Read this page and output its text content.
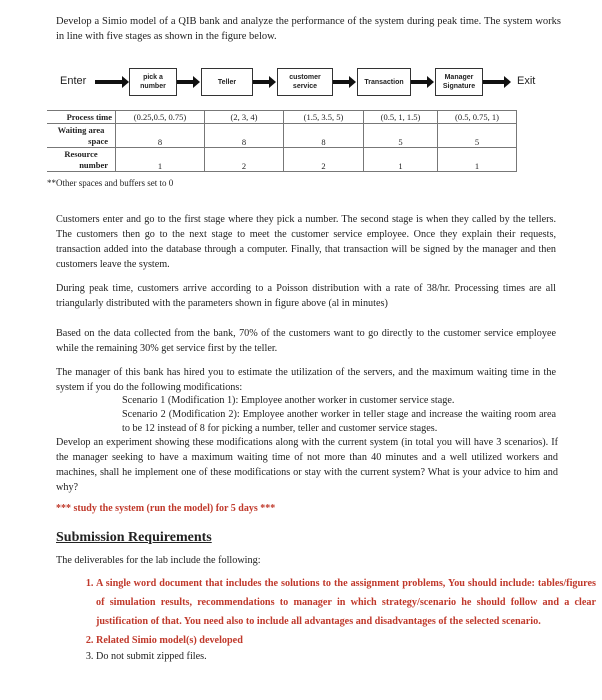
Develop a Simio model of a QIB bank and analyze the performance of the system during peak time. The system works in line with five stages as shown in the figure below.

Enter	pick a number
Teller
customer service
Transaction
Manager Signature	Exit
Process time	(0.25,0.5, 0.75)	(2, 3, 4)	(1.5, 3.5, 5)	(0.5, 1, 1.5)	(0.5, 0.75, 1)

Waiting area
space	8	8	8	5	5

Resource
number	1	2	2	1	1
**Other spaces and buffers set to 0

Customers enter and go to the first stage where they pick a number. The second stage is when they called by the tellers. The customers then go to the next stage to meet the customer service employee. Once they explain their requests, transaction added into the database through a computer. Finally, that transaction will be signed by the manager and then customers leave the system.

During peak time, customers arrive according to a Poisson distribution with a rate of 38/hr. Processing times are all triangularly distributed with the parameters shown in figure above (al in minutes)

Based on the data collected from the bank, 70% of the customers want to go directly to the customer service employee while the remaining 30% get service first by the teller.

The manager of this bank has hired you to estimate the utilization of the servers, and the maximum waiting time in the system if you do the following modifications:

Scenario 1 (Modification 1): Employee another worker in customer service stage.

Scenario 2 (Modification 2): Employee another worker in teller stage and increase the waiting room area to be 12 instead of 8 for picking a number, teller and customer service stages.

Develop an experiment showing these modifications along with the current system (in total you will have 3 scenarios). If the manager seeking to have a maximum waiting time of not more than 40 minutes and a well utilized workers and machines, shall he implement one of these modifications or stay with the current system? What is your advice to him and why?

*** study the system (run the model) for 5 days ***

Submission Requirements

The deliverables for the lab include the following:

1. A single word document that includes the solutions to the assignment problems, You should include: tables/figures of simulation results, recommendations to manager in which strategy/scenario he should follow and a clear justification of that. You need also to include all advantages and disadvantages of the selected scenario.
2. Related Simio model(s) developed
3. Do not submit zipped files.
